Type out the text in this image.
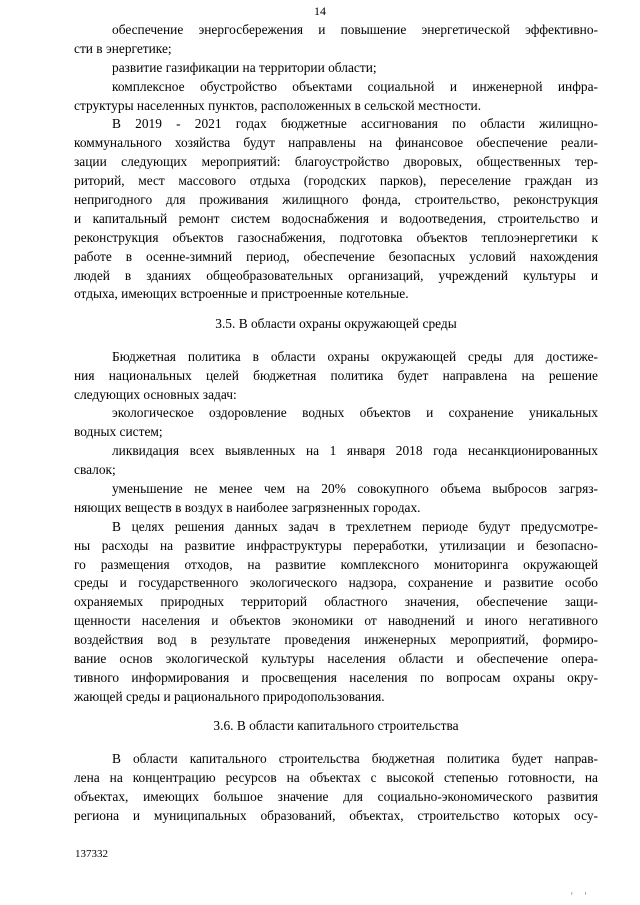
14
обеспечение энергосбережения и повышение энергетической эффективно-
сти в энергетике;
развитие газификации на территории области;
комплексное обустройство объектами социальной и инженерной инфра-
структуры населенных пунктов, расположенных в сельской местности.
В 2019 - 2021 годах бюджетные ассигнования по области жилищно-
коммунального хозяйства будут направлены на финансовое обеспечение реали-
зации следующих мероприятий: благоустройство дворовых, общественных тер-
риторий, мест массового отдыха (городских парков), переселение граждан из
непригодного для проживания жилищного фонда, строительство, реконструкция
и капитальный ремонт систем водоснабжения и водоотведения, строительство и
реконструкция объектов газоснабжения, подготовка объектов теплоэнергетики к
работе в осенне-зимний период, обеспечение безопасных условий нахождения
людей в зданиях общеобразовательных организаций, учреждений культуры и
отдыха, имеющих встроенные и пристроенные котельные.
3.5. В области охраны окружающей среды
Бюджетная политика в области охраны окружающей среды для достиже-
ния национальных целей бюджетная политика будет направлена на решение
следующих основных задач:
экологическое оздоровление водных объектов и сохранение уникальных
водных систем;
ликвидация всех выявленных на 1 января 2018 года несанкционированных
свалок;
уменьшение не менее чем на 20% совокупного объема выбросов загряз-
няющих веществ в воздух в наиболее загрязненных городах.
В целях решения данных задач в трехлетнем периоде будут предусмотре-
ны расходы на развитие инфраструктуры переработки, утилизации и безопасно-
го размещения отходов, на развитие комплексного мониторинга окружающей
среды и государственного экологического надзора, сохранение и развитие особо
охраняемых природных территорий областного значения, обеспечение защи-
щенности населения и объектов экономики от наводнений и иного негативного
воздействия вод в результате проведения инженерных мероприятий, формиро-
вание основ экологической культуры населения области и обеспечение опера-
тивного информирования и просвещения населения по вопросам охраны окру-
жающей среды и рационального природопользования.
3.6. В области капитального строительства
В области капитального строительства бюджетная политика будет направ-
лена на концентрацию ресурсов на объектах с высокой степенью готовности, на
объектах, имеющих большое значение для социально-экономического развития
региона и муниципальных образований, объектах, строительство которых осу-
137332
' '
